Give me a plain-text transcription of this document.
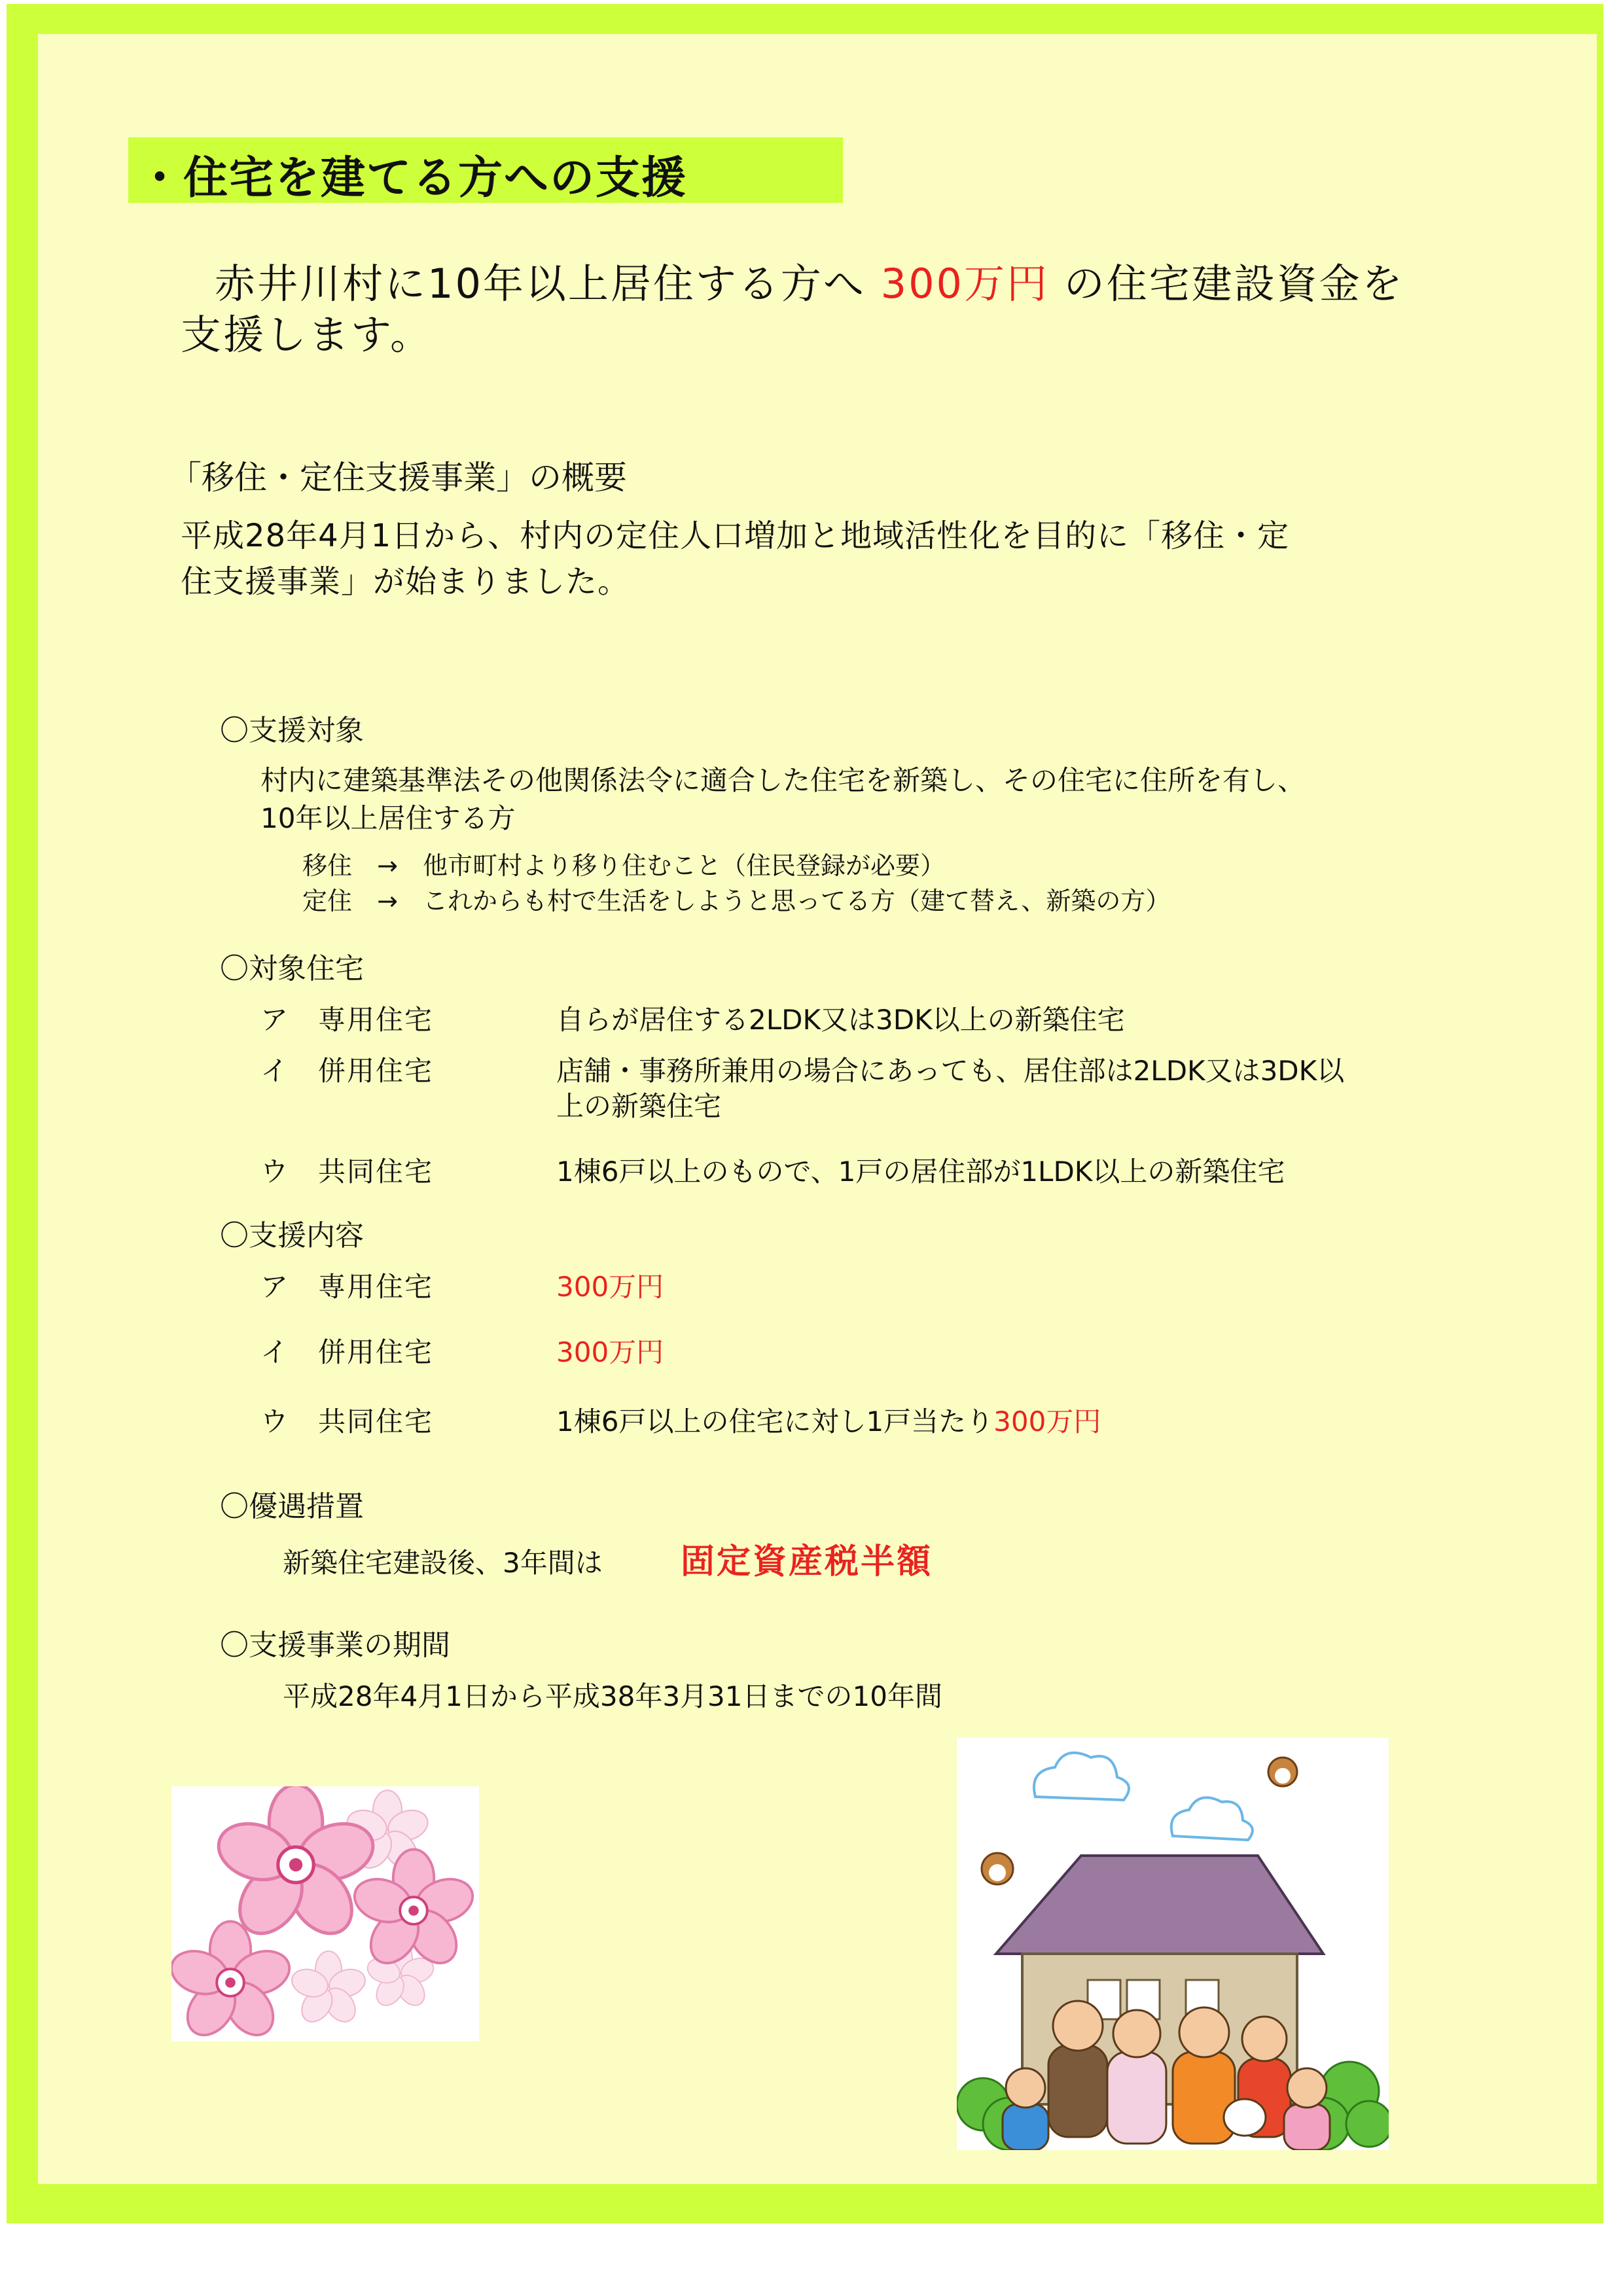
・住宅を建てる方への支援
赤井川村に10年以上居住する方へ 300万円 の住宅建設資金を
支援します。
「移住・定住支援事業」の概要
平成28年4月1日から、村内の定住人口増加と地域活性化を目的に「移住・定
住支援事業」が始まりました。
〇支援対象
村内に建築基準法その他関係法令に適合した住宅を新築し、その住宅に住所を有し、
10年以上居住する方
移住 → 他市町村より移り住むこと（住民登録が必要）
定住 → これからも村で生活をしようと思ってる方（建て替え、新築の方）
〇対象住宅
ア　専用住宅	自らが居住する2LDK又は3DK以上の新築住宅
イ　併用住宅	店舗・事務所兼用の場合にあっても、居住部は2LDK又は3DK以
上の新築住宅
ウ　共同住宅	1棟6戸以上のもので、1戸の居住部が1LDK以上の新築住宅
〇支援内容
ア　専用住宅	300万円
イ　併用住宅	300万円
ウ　共同住宅	1棟6戸以上の住宅に対し1戸当たり300万円
〇優遇措置
新築住宅建設後、3年間は 固定資産税半額
〇支援事業の期間
平成28年4月1日から平成38年3月31日までの10年間
